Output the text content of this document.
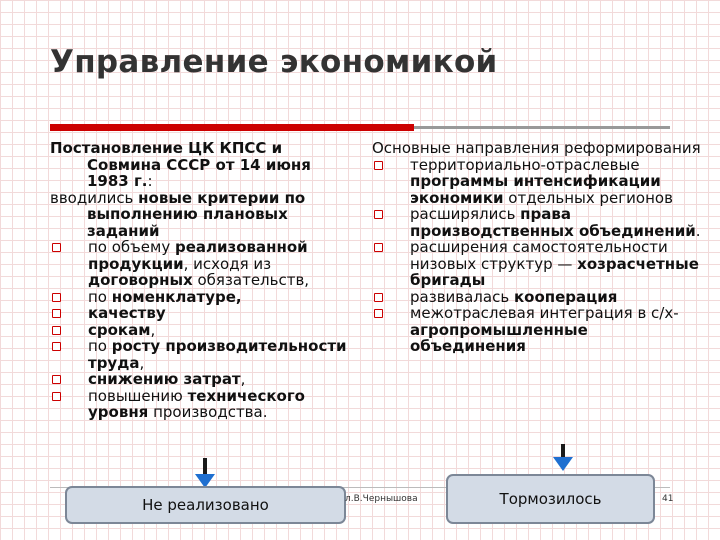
Управление экономикой

Постановление ЦК КПСС и Совмина СССР от 14 июня 1983 г.:

вводились новые критерии по выполнению плановых заданий

по объему реализованной продукции, исходя из договорных обязательств,

по номенклатуре,

качеству

срокам,

по росту производительности труда,

снижению затрат,

повышению технического уровня производства.

Основные направления реформирования

территориально-отраслевые программы интенсификации экономики отдельных регионов

расширялись права производственных объединений.

расширения самостоятельности низовых структур — хозрасчетные бригады

развивалась кооперация

межотраслевая интеграция в с/х-агропромышленные объединения

Не реализовано	Тормозилось
л.В.Чернышова	41
